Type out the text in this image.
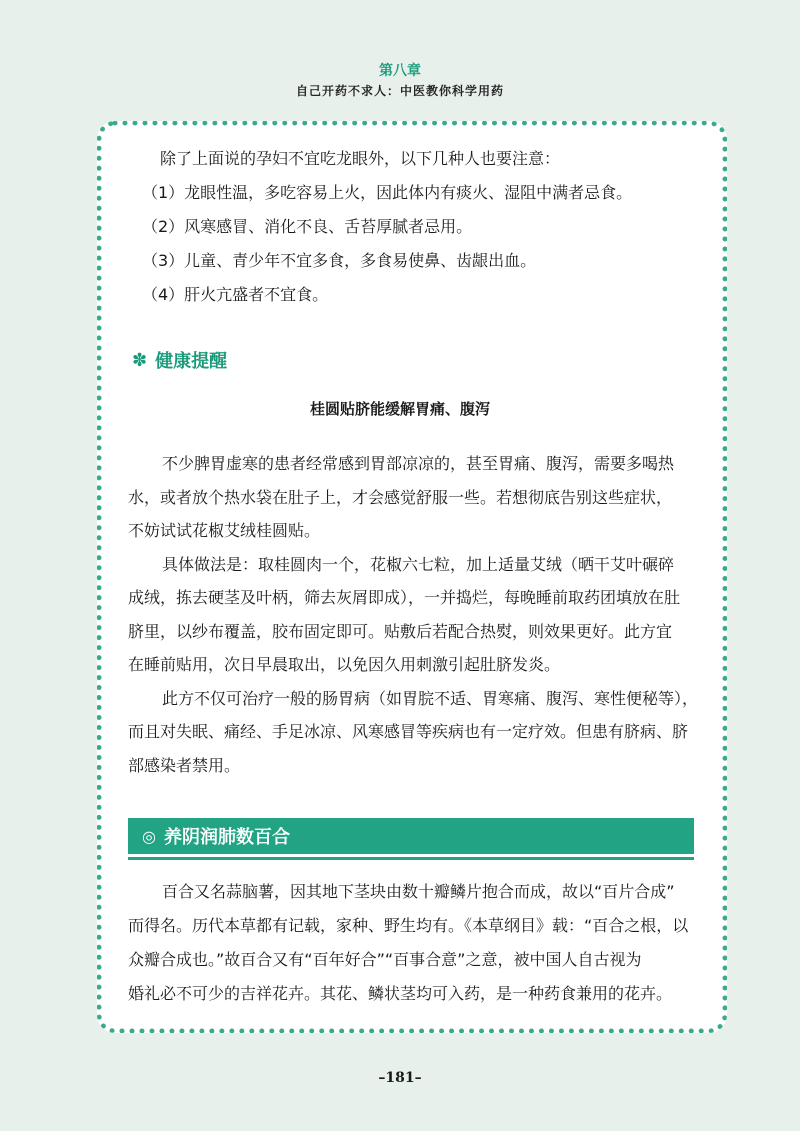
第八章
自己开药不求人：中医教你科学用药
除了上面说的孕妇不宜吃龙眼外，以下几种人也要注意：
（1）龙眼性温，多吃容易上火，因此体内有痰火、湿阻中满者忌食。
（2）风寒感冒、消化不良、舌苔厚腻者忌用。
（3）儿童、青少年不宜多食，多食易使鼻、齿龈出血。
（4）肝火亢盛者不宜食。
✽ 健康提醒
桂圆贴脐能缓解胃痛、腹泻
不少脾胃虚寒的患者经常感到胃部凉凉的，甚至胃痛、腹泻，需要多喝热
水，或者放个热水袋在肚子上，才会感觉舒服一些。若想彻底告别这些症状，
不妨试试花椒艾绒桂圆贴。
具体做法是：取桂圆肉一个，花椒六七粒，加上适量艾绒（晒干艾叶碾碎
成绒，拣去硬茎及叶柄，筛去灰屑即成），一并捣烂，每晚睡前取药团填放在肚
脐里，以纱布覆盖，胶布固定即可。贴敷后若配合热熨，则效果更好。此方宜
在睡前贴用，次日早晨取出，以免因久用刺激引起肚脐发炎。
此方不仅可治疗一般的肠胃病（如胃脘不适、胃寒痛、腹泻、寒性便秘等），
而且对失眠、痛经、手足冰凉、风寒感冒等疾病也有一定疗效。但患有脐病、脐
部感染者禁用。
◎ 养阴润肺数百合
百合又名蒜脑薯，因其地下茎块由数十瓣鳞片抱合而成，故以“百片合成”
而得名。历代本草都有记载，家种、野生均有。《本草纲目》载：“百合之根，以
众瓣合成也。”故百合又有“百年好合”“百事合意”之意，被中国人自古视为
婚礼必不可少的吉祥花卉。其花、鳞状茎均可入药，是一种药食兼用的花卉。
–181–
